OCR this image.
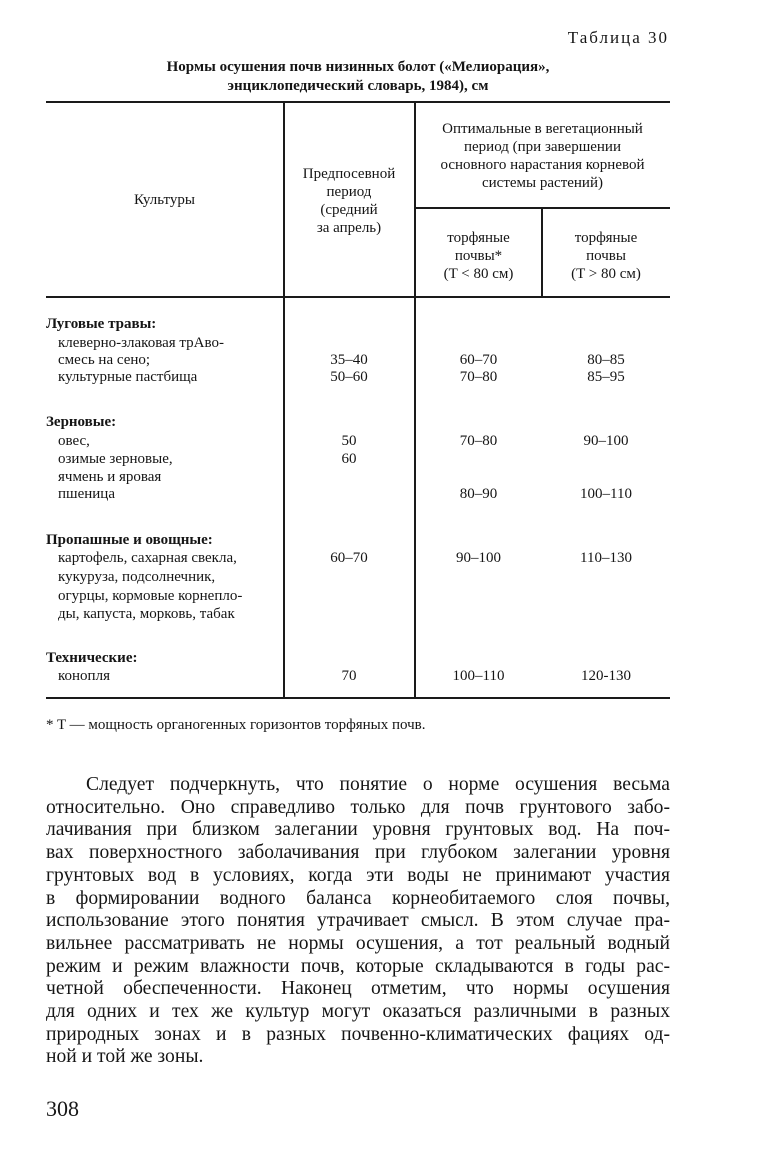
Таблица 30
Нормы осушения почв низинных болот («Мелиорация»,
энциклопедический словарь, 1984), см
Культуры
Предпосевной
период
(средний
за апрель)
Оптимальные в вегетационный
период (при завершении
основного нарастания корневой
системы растений)
торфяные
почвы*
(T < 80 см)
торфяные
почвы
(T > 80 см)
Луговые травы:
клеверно-злаковая трАво-
смесь на сено;	35–40	60–70	80–85
культурные пастбища	50–60	70–80	85–95
Зерновые:
овес,	50	70–80	90–100
озимые зерновые,	60
ячмень и яровая
пшеница	80–90	100–110
Пропашные и овощные:
картофель, сахарная свекла,	60–70	90–100	110–130
кукуруза, подсолнечник,
огурцы, кормовые корнепло-
ды, капуста, морковь, табак
Технические:
конопля	70	100–110	120-130
* T — мощность органогенных горизонтов торфяных почв.
Следует подчеркнуть, что понятие о норме осушения весьма
относительно. Оно справедливо только для почв грунтового забо-
лачивания при близком залегании уровня грунтовых вод. На поч-
вах поверхностного заболачивания при глубоком залегании уровня
грунтовых вод в условиях, когда эти воды не принимают участия
в формировании водного баланса корнеобитаемого слоя почвы,
использование этого понятия утрачивает смысл. В этом случае пра-
вильнее рассматривать не нормы осушения, а тот реальный водный
режим и режим влажности почв, которые складываются в годы рас-
четной обеспеченности. Наконец отметим, что нормы осушения
для одних и тех же культур могут оказаться различными в разных
природных зонах и в разных почвенно-климатических фациях од-
ной и той же зоны.
308
